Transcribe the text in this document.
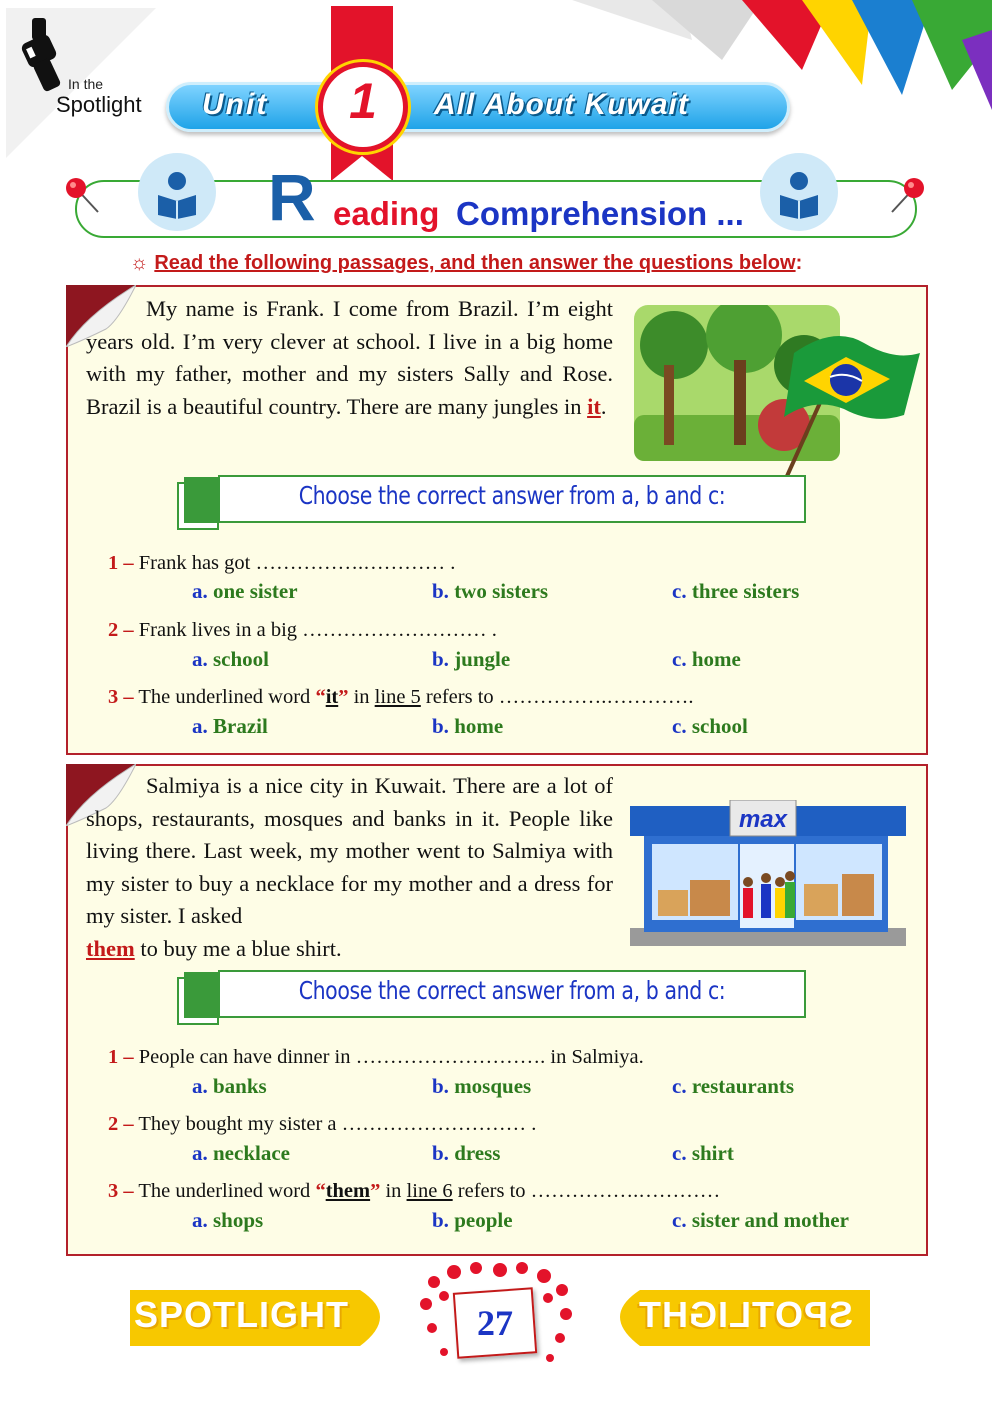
In the
Spotlight Unit	1	All About Kuwait
R eading Comprehension ...
☼ Read the following passages, and then answer the questions below:

My name is Frank. I come from Brazil. I’m eight years old. I’m very clever at school. I live in a big home with my father, mother and my sisters Sally and Rose. Brazil is a beautiful country. There are many jungles in it.

Choose the correct answer from a, b and c:
1 – Frank has got …………….………… .
a. one sister	b. two sisters	c. three sisters
2 – Frank lives in a big ……………………… .
a. school	b. jungle	c. home
3 – The underlined word “it” in line 5 refers to …………….………….
a. Brazil	b. home	c. school

Salmiya is a nice city in Kuwait. There are a lot of shops, restaurants, mosques and banks in it. People like living there. Last week, my mother went to Salmiya with my sister to buy a necklace for my mother and a dress for my sister. I asked
them to buy me a blue shirt.

max
Choose the correct answer from a, b and c:
1 – People can have dinner in ………………………. in Salmiya.
a. banks	b. mosques	c. restaurants
2 – They bought my sister a ……………………… .
a. necklace	b. dress	c. shirt
3 – The underlined word “them” in line 6 refers to …………….…………
a. shops	b. people	c. sister and mother
SPOTLIGHT	SPOTLIGHT
27
